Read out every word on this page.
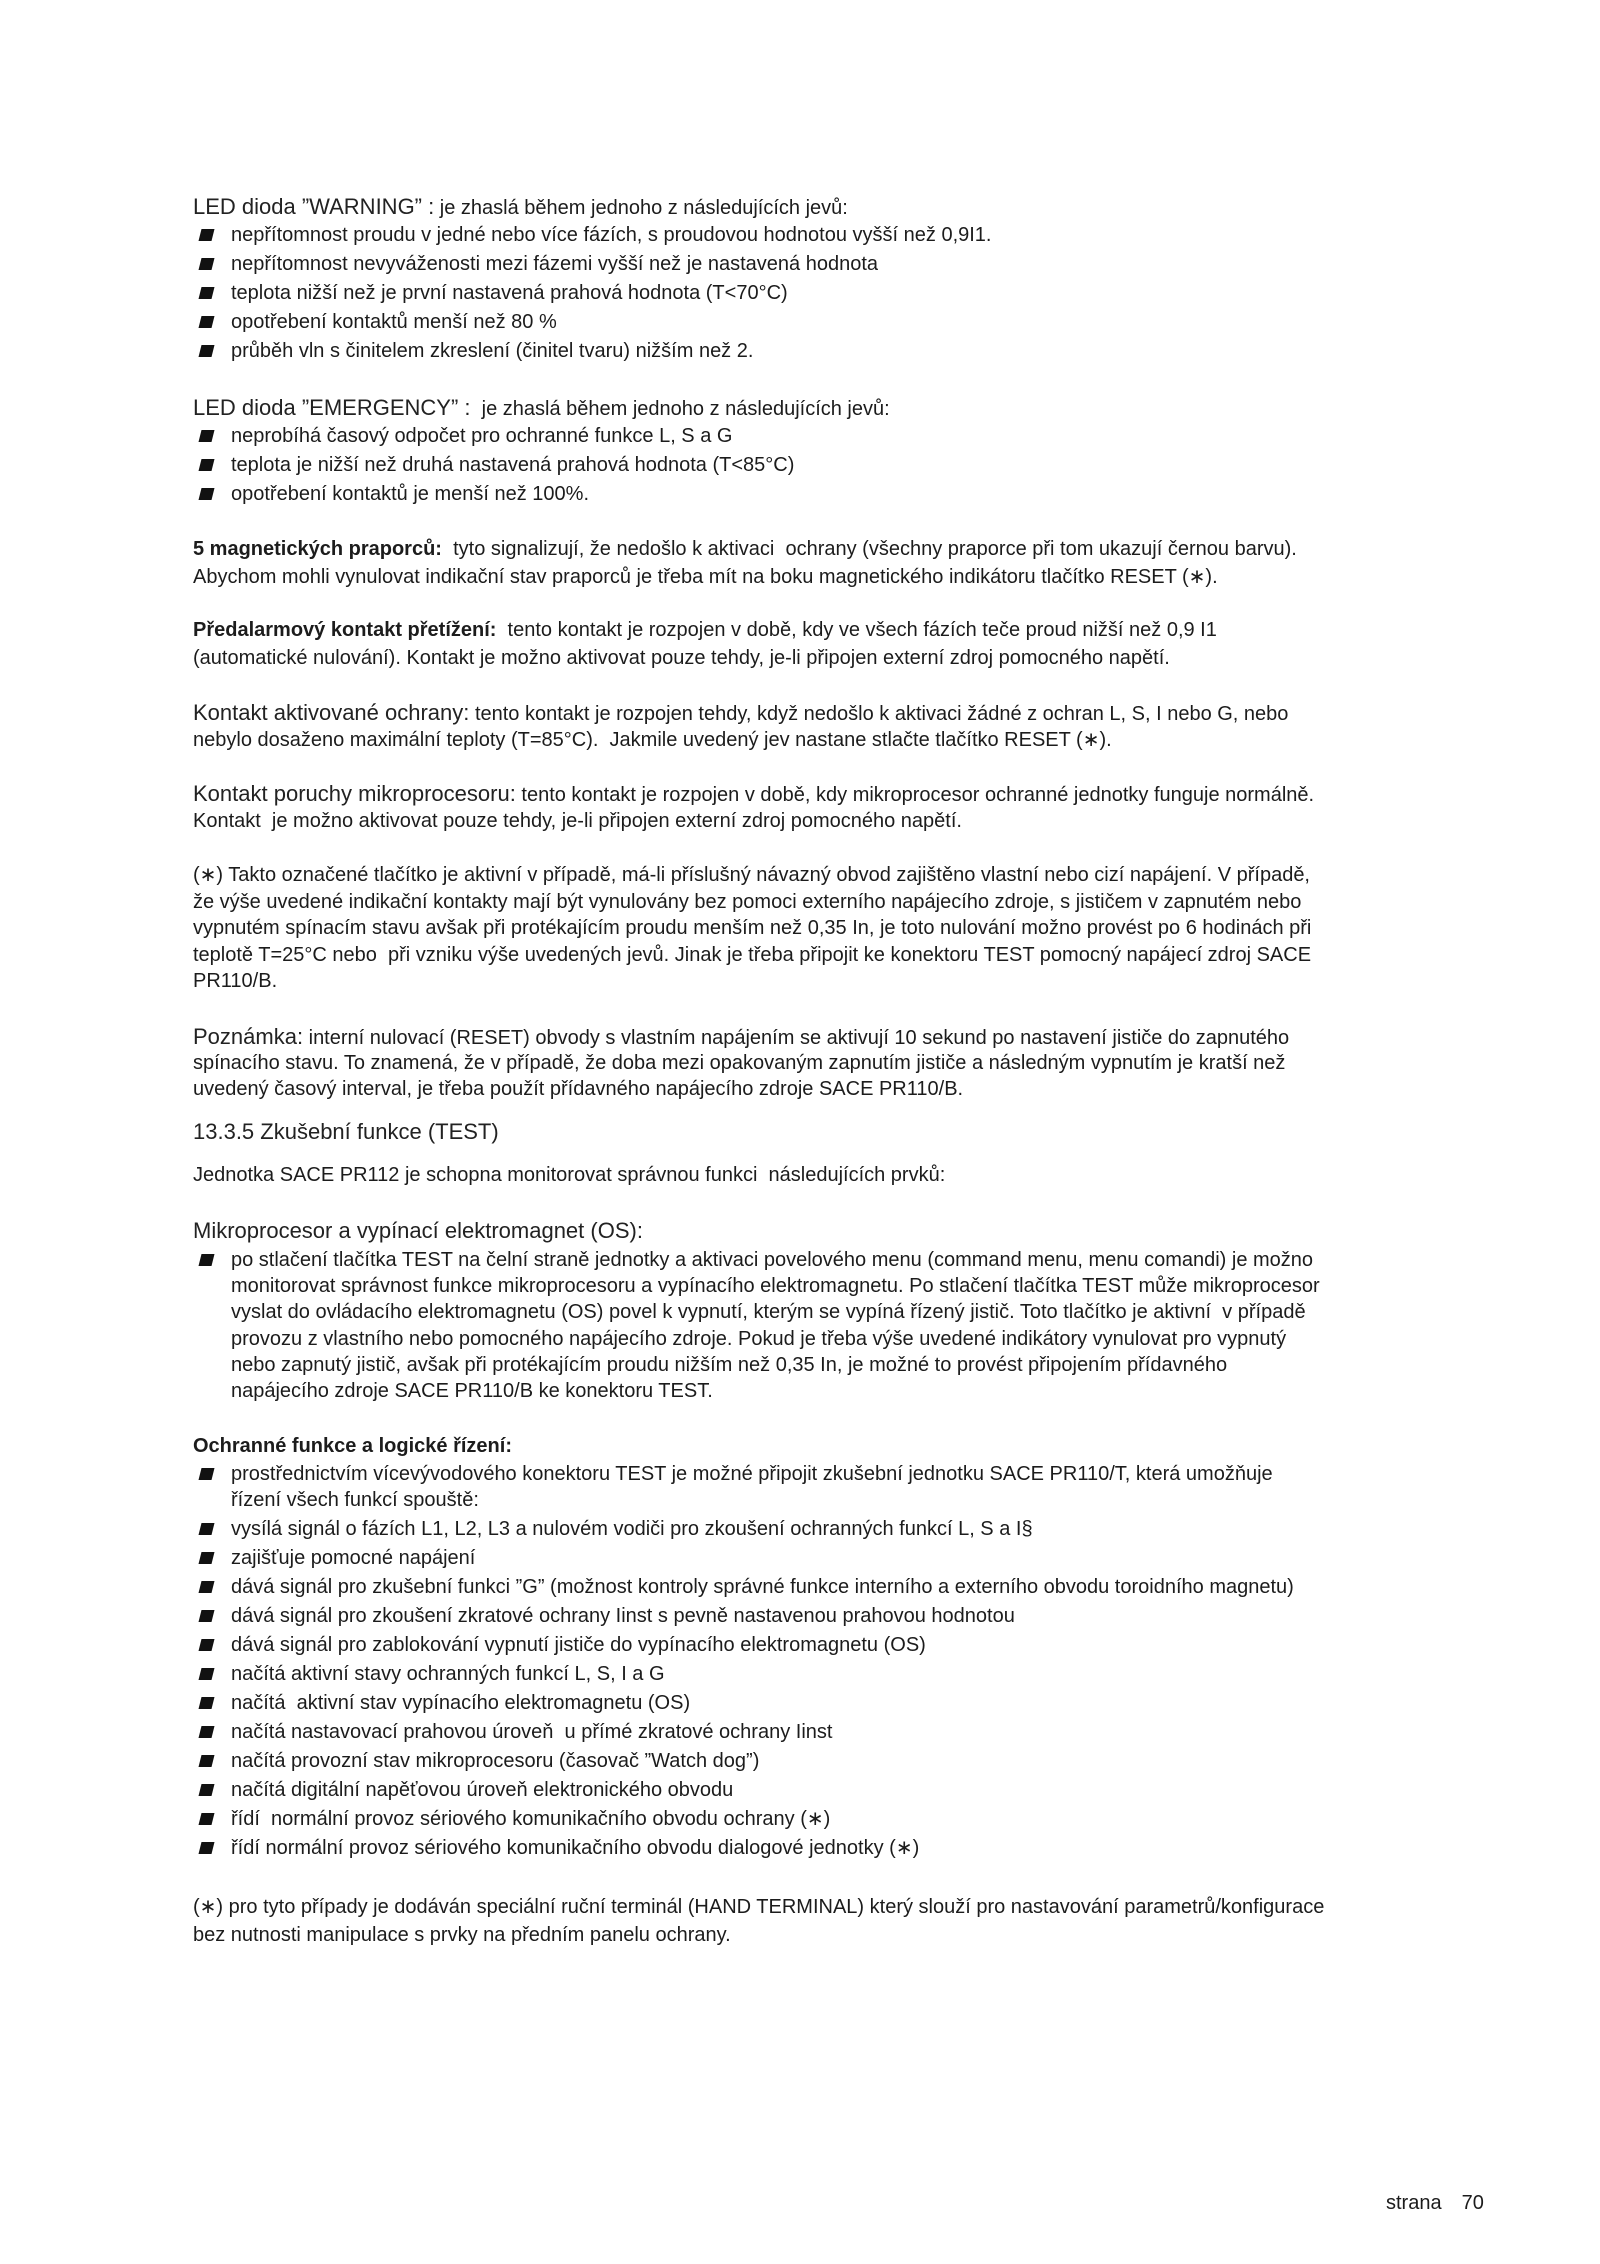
LED dioda ”WARNING” : je zhaslá během jednoho z následujících jevů:
nepřítomnost proudu v jedné nebo více fázích, s proudovou hodnotou vyšší než 0,9I1.
nepřítomnost nevyváženosti mezi fázemi vyšší než je nastavená hodnota
teplota nižší než je první nastavená prahová hodnota (T<70°C)
opotřebení kontaktů menší než 80 %
průběh vln s činitelem zkreslení (činitel tvaru) nižším než 2.
LED dioda ”EMERGENCY” :  je zhaslá během jednoho z následujících jevů:
neprobíhá časový odpočet pro ochranné funkce L, S a G
teplota je nižší než druhá nastavená prahová hodnota (T<85°C)
opotřebení kontaktů je menší než 100%.
5 magnetických praporců:  tyto signalizují, že nedošlo k aktivaci  ochrany (všechny praporce při tom ukazují černou barvu).
Abychom mohli vynulovat indikační stav praporců je třeba mít na boku magnetického indikátoru tlačítko RESET (∗).
Předalarmový kontakt přetížení:  tento kontakt je rozpojen v době, kdy ve všech fázích teče proud nižší než 0,9 I1
(automatické nulování). Kontakt je možno aktivovat pouze tehdy, je-li připojen externí zdroj pomocného napětí.
Kontakt aktivované ochrany: tento kontakt je rozpojen tehdy, když nedošlo k aktivaci žádné z ochran L, S, I nebo G, nebo
nebylo dosaženo maximální teploty (T=85°C).  Jakmile uvedený jev nastane stlačte tlačítko RESET (∗).
Kontakt poruchy mikroprocesoru: tento kontakt je rozpojen v době, kdy mikroprocesor ochranné jednotky funguje normálně.
Kontakt  je možno aktivovat pouze tehdy, je-li připojen externí zdroj pomocného napětí.
(∗) Takto označené tlačítko je aktivní v případě, má-li příslušný návazný obvod zajištěno vlastní nebo cizí napájení. V případě,
že výše uvedené indikační kontakty mají být vynulovány bez pomoci externího napájecího zdroje, s jističem v zapnutém nebo
vypnutém spínacím stavu avšak při protékajícím proudu menším než 0,35 In, je toto nulování možno provést po 6 hodinách při
teplotě T=25°C nebo  při vzniku výše uvedených jevů. Jinak je třeba připojit ke konektoru TEST pomocný napájecí zdroj SACE
PR110/B.
Poznámka: interní nulovací (RESET) obvody s vlastním napájením se aktivují 10 sekund po nastavení jističe do zapnutého
spínacího stavu. To znamená, že v případě, že doba mezi opakovaným zapnutím jističe a následným vypnutím je kratší než
uvedený časový interval, je třeba použít přídavného napájecího zdroje SACE PR110/B.
13.3.5 Zkušební funkce (TEST)
Jednotka SACE PR112 je schopna monitorovat správnou funkci  následujících prvků:
Mikroprocesor a vypínací elektromagnet (OS):
po stlačení tlačítka TEST na čelní straně jednotky a aktivaci povelového menu (command menu, menu comandi) je možno
monitorovat správnost funkce mikroprocesoru a vypínacího elektromagnetu. Po stlačení tlačítka TEST může mikroprocesor
vyslat do ovládacího elektromagnetu (OS) povel k vypnutí, kterým se vypíná řízený jistič. Toto tlačítko je aktivní  v případě
provozu z vlastního nebo pomocného napájecího zdroje. Pokud je třeba výše uvedené indikátory vynulovat pro vypnutý
nebo zapnutý jistič, avšak při protékajícím proudu nižším než 0,35 In, je možné to provést připojením přídavného
napájecího zdroje SACE PR110/B ke konektoru TEST.
Ochranné funkce a logické řízení:
prostřednictvím vícevývodového konektoru TEST je možné připojit zkušební jednotku SACE PR110/T, která umožňuje
řízení všech funkcí spouště:
vysílá signál o fázích L1, L2, L3 a nulovém vodiči pro zkoušení ochranných funkcí L, S a I§
zajišťuje pomocné napájení
dává signál pro zkušební funkci ”G” (možnost kontroly správné funkce interního a externího obvodu toroidního magnetu)
dává signál pro zkoušení zkratové ochrany Iinst s pevně nastavenou prahovou hodnotou
dává signál pro zablokování vypnutí jističe do vypínacího elektromagnetu (OS)
načítá aktivní stavy ochranných funkcí L, S, I a G
načítá  aktivní stav vypínacího elektromagnetu (OS)
načítá nastavovací prahovou úroveň  u přímé zkratové ochrany Iinst
načítá provozní stav mikroprocesoru (časovač ”Watch dog”)
načítá digitální napěťovou úroveň elektronického obvodu
řídí  normální provoz sériového komunikačního obvodu ochrany (∗)
řídí normální provoz sériového komunikačního obvodu dialogové jednotky (∗)
(∗) pro tyto případy je dodáván speciální ruční terminál (HAND TERMINAL) který slouží pro nastavování parametrů/konfigurace
bez nutnosti manipulace s prvky na předním panelu ochrany.
strana 70
